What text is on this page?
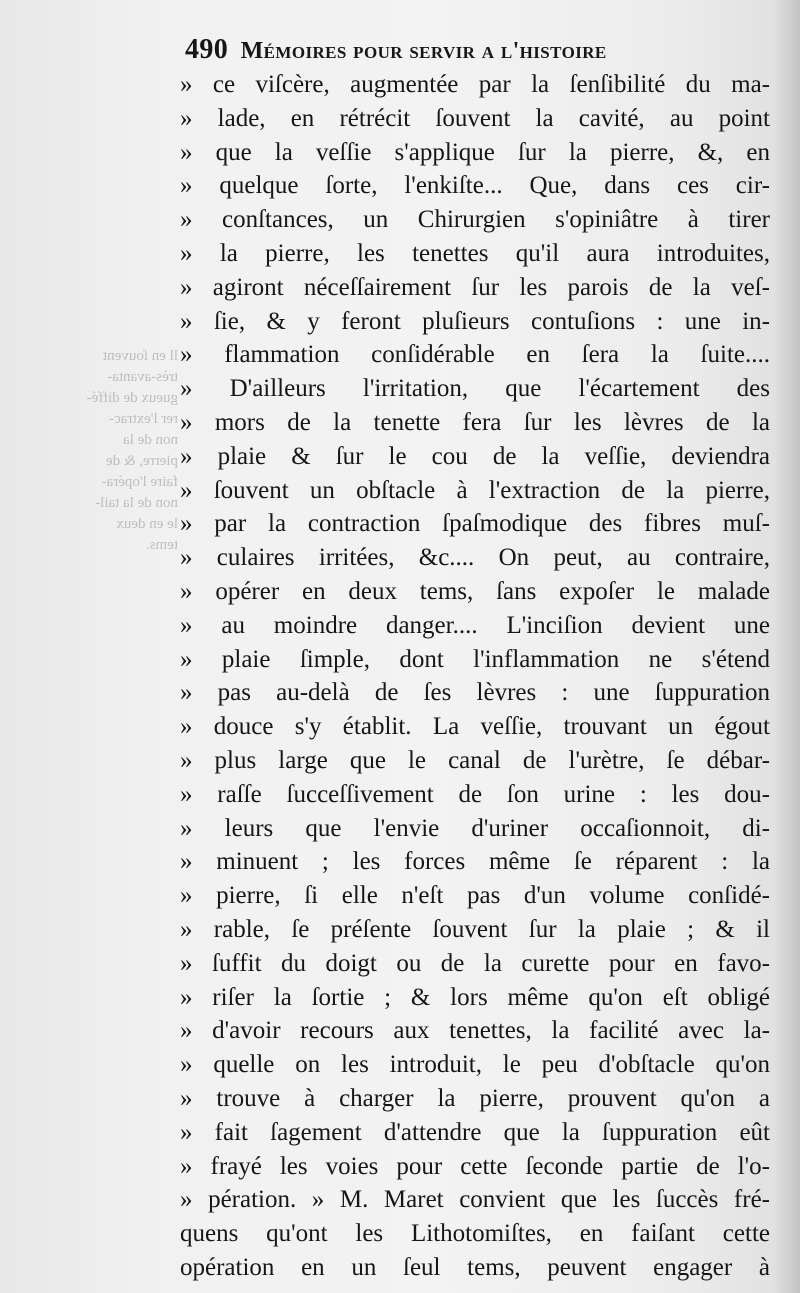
ll en ſouvent
très-avanta-
gueux de diffé-
rer l'extrac-
non de la
pierre, & de
faire l'opéra-
non de la tail-
le en deux
tems.
490 Mémoires pour servir a l'histoire
» ce viſcère, augmentée par la ſenſibilité du ma-
» lade, en rétrécit ſouvent la cavité, au point
» que la veſſie s'applique ſur la pierre, &, en
» quelque ſorte, l'enkiſte... Que, dans ces cir-
» conſtances, un Chirurgien s'opiniâtre à tirer
» la pierre, les tenettes qu'il aura introduites,
» agiront néceſſairement ſur les parois de la veſ-
» ſie, & y feront pluſieurs contuſions : une in-
» flammation conſidérable en ſera la ſuite....
» D'ailleurs l'irritation, que l'écartement des
» mors de la tenette fera ſur les lèvres de la
» plaie & ſur le cou de la veſſie, deviendra
» ſouvent un obſtacle à l'extraction de la pierre,
» par la contraction ſpaſmodique des fibres muſ-
» culaires irritées, &c.... On peut, au contraire,
» opérer en deux tems, ſans expoſer le malade
» au moindre danger.... L'inciſion devient une
» plaie ſimple, dont l'inflammation ne s'étend
» pas au-delà de ſes lèvres : une ſuppuration
» douce s'y établit. La veſſie, trouvant un égout
» plus large que le canal de l'urètre, ſe débar-
» raſſe ſucceſſivement de ſon urine : les dou-
» leurs que l'envie d'uriner occaſionnoit, di-
» minuent ; les forces même ſe réparent : la
» pierre, ſi elle n'eſt pas d'un volume conſidé-
» rable, ſe préſente ſouvent ſur la plaie ; & il
» ſuffit du doigt ou de la curette pour en favo-
» riſer la ſortie ; & lors même qu'on eſt obligé
» d'avoir recours aux tenettes, la facilité avec la-
» quelle on les introduit, le peu d'obſtacle qu'on
» trouve à charger la pierre, prouvent qu'on a
» fait ſagement d'attendre que la ſuppuration eût
» frayé les voies pour cette ſeconde partie de l'o-
» pération. » M. Maret convient que les ſuccès fré-
quens qu'ont les Lithotomiſtes, en faiſant cette
opération en un ſeul tems, peuvent engager à
